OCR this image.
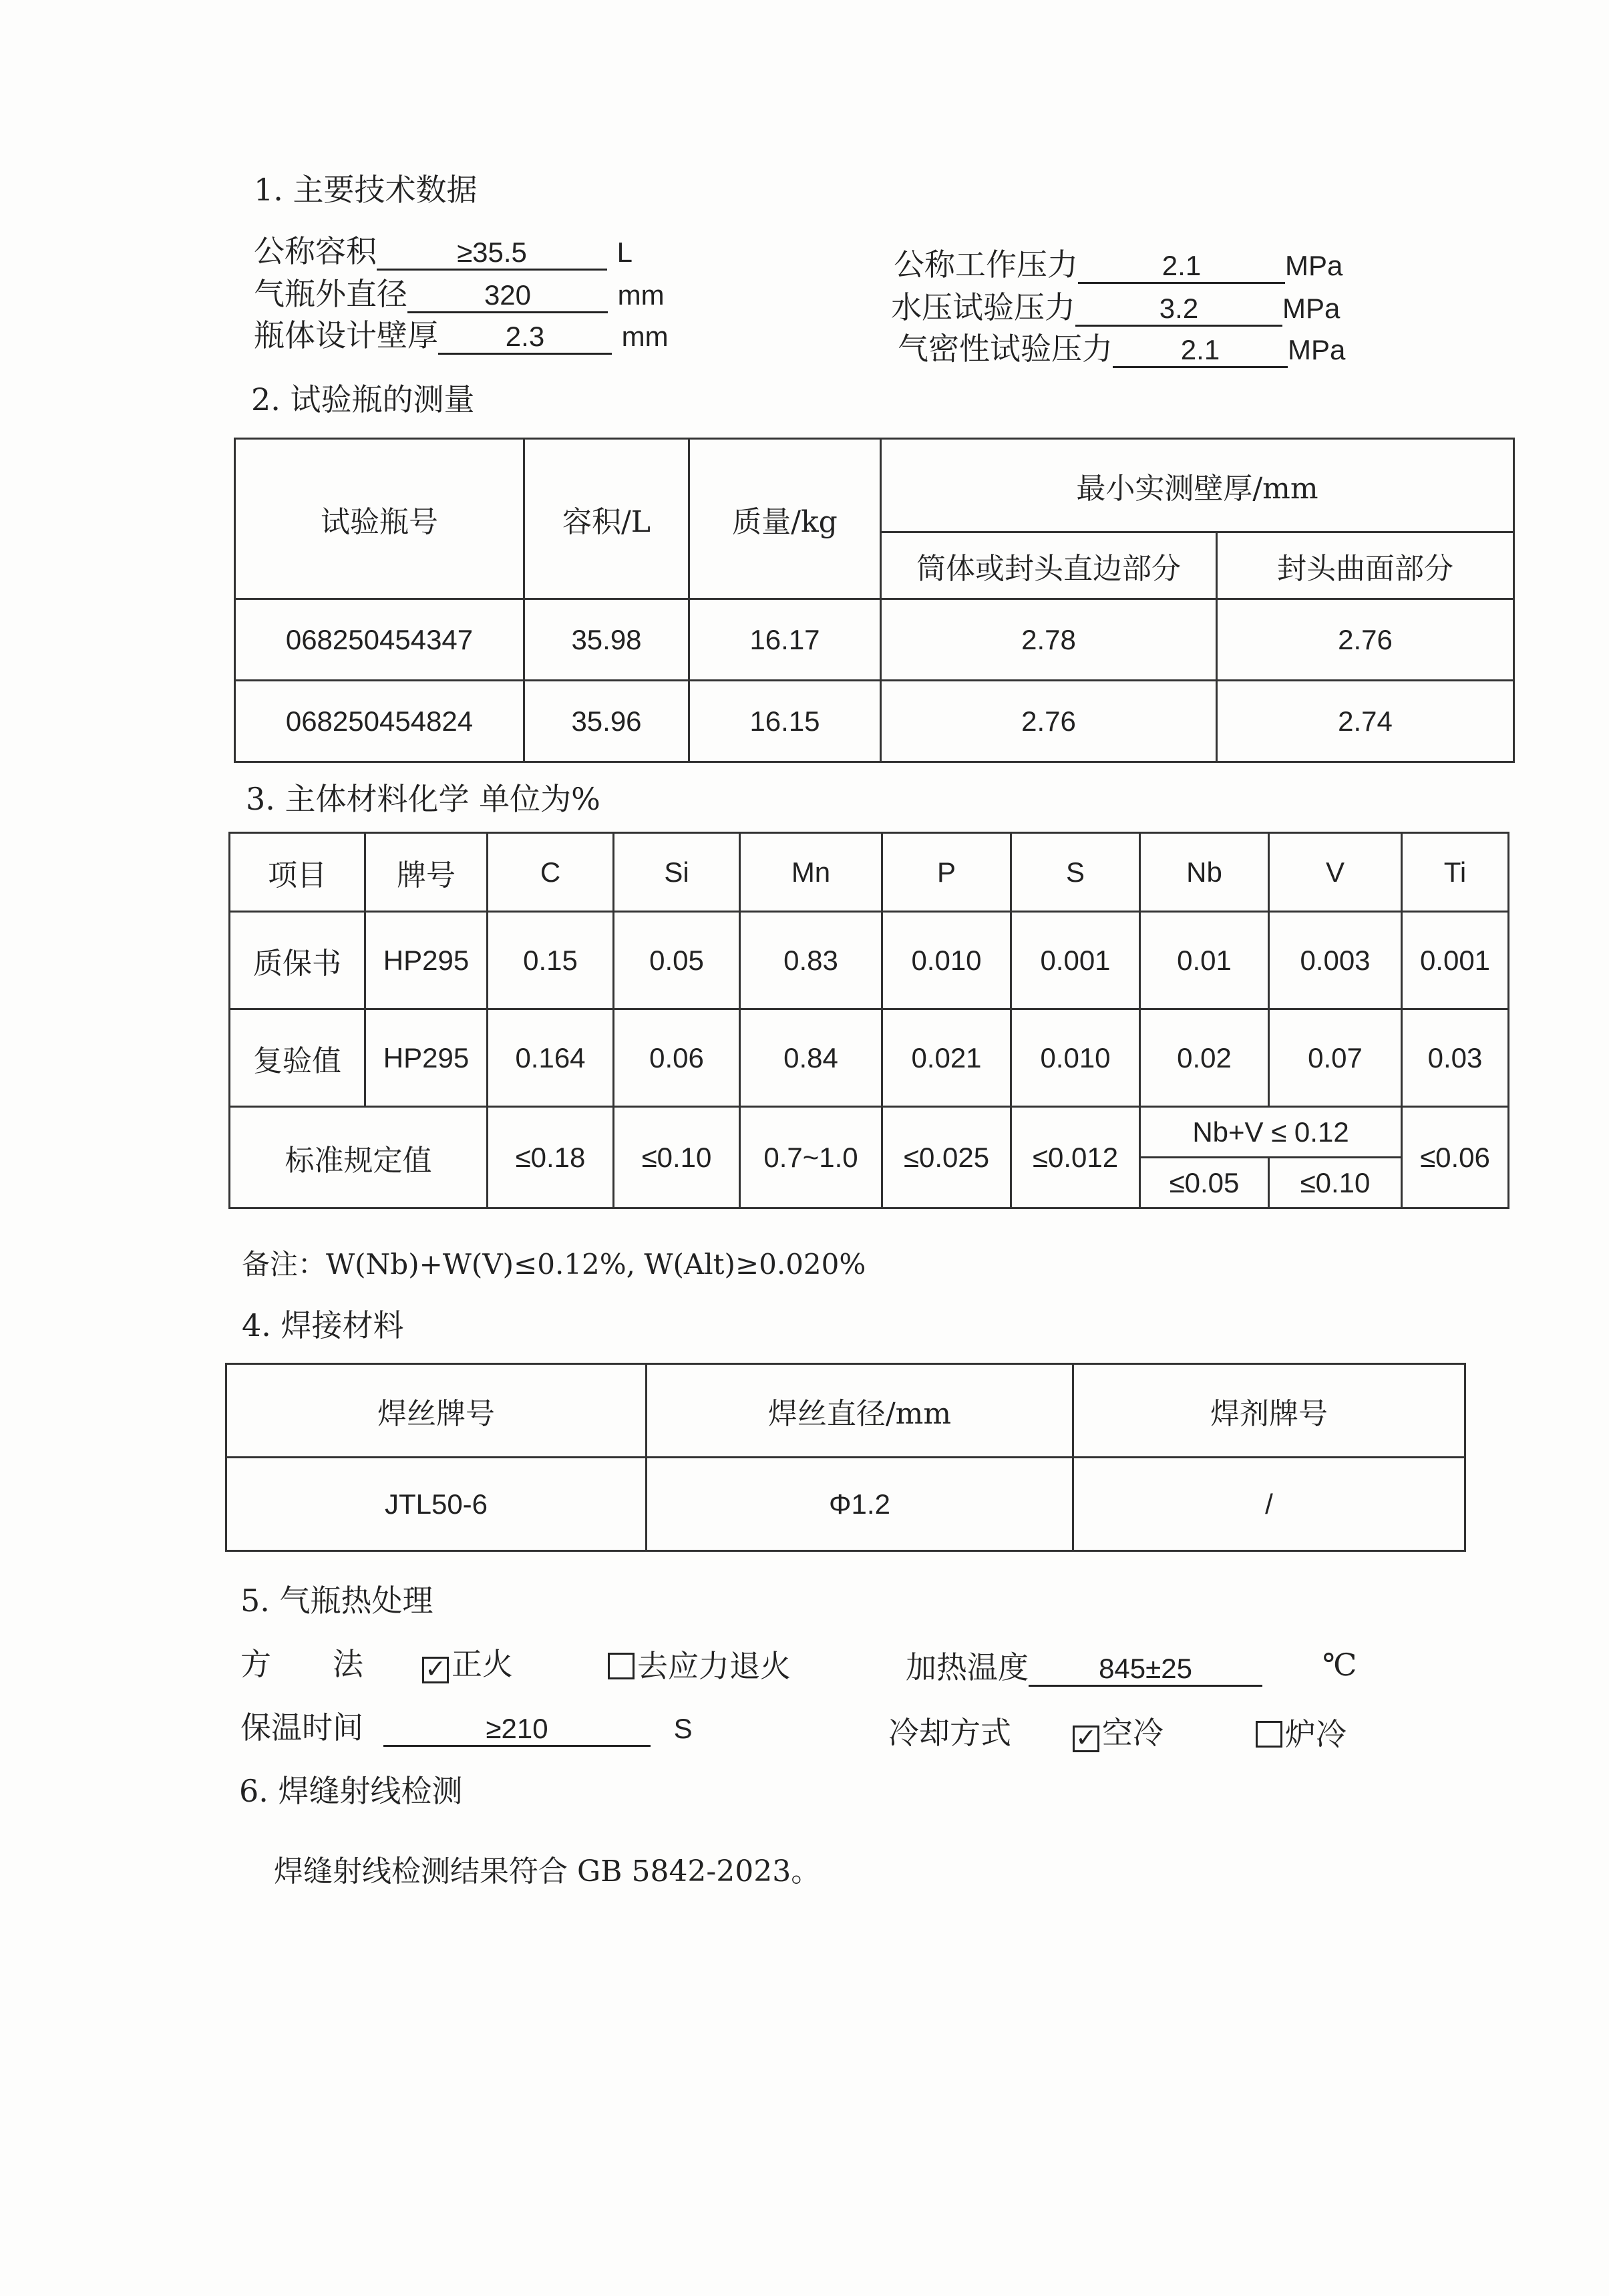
1. 主要技术数据
公称容积	≥35.5	L
气瓶外直径	320	mm
瓶体设计壁厚 2.3	mm
公称工作压力	2.1	MPa
水压试验压力	3.2	MPa
气密性试验压力 2.1 MPa
2. 试验瓶的测量
试验瓶号	容积/L	质量/kg	最小实测壁厚/mm	
			筒体或封头直边部分	封头曲面部分
068250454347	35.98	16.17	2.78	2.76
068250454824	35.96	16.15	2.76	2.74
3. 主体材料化学 单位为%
项目	牌号	C	Si	Mn	P	S	Nb	V	Ti
质保书	HP295	0.15	0.05	0.83	0.010	0.001	0.01	0.003	0.001
复验值	HP295	0.164	0.06	0.84	0.021	0.010	0.02	0.07	0.03
标准规定值		≤0.18	≤0.10	0.7~1.0	≤0.025	≤0.012	Nb+V ≤ 0.12		≤0.06
							≤0.05	≤0.10	
备注：W(Nb)+W(V)≤0.12%, W(Alt)≥0.020%
4. 焊接材料
焊丝牌号	焊丝直径/mm	焊剂牌号
JTL50-6	Φ1.2	/
5. 气瓶热处理
方　　法 ✓ 正火	去应力退火	加热温度	845±25	℃
保温时间	≥210	S	冷却方式	✓ 空冷	炉冷
6. 焊缝射线检测
焊缝射线检测结果符合 GB 5842-2023。
